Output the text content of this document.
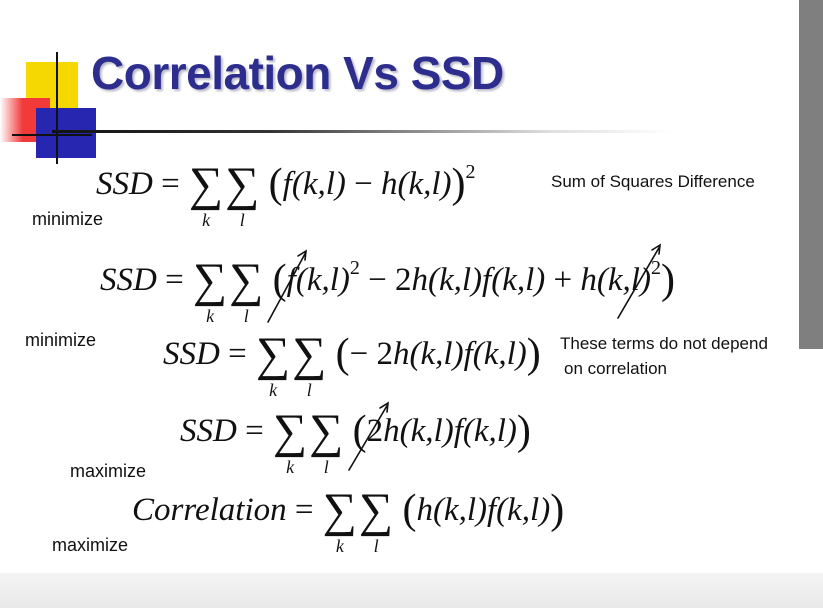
Correlation Vs SSD
Sum of Squares Difference
These terms do not depend
on correlation
minimize
minimize
maximize
maximize
SSD = ∑
k
∑
l
$(f(k,l) - h(k,l))^2$
SSD = ∑
k
∑
l
$(f(k,l)^2 - 2h(k,l)f(k,l) + h(k,l)^2)$
SSD = ∑
k
∑
l
(− 2h(k,l)f(k,l))
SSD = ∑
k
∑
l
(2h(k,l)f(k,l))
Correlation = ∑
k
∑
l
(h(k,l)f(k,l))
